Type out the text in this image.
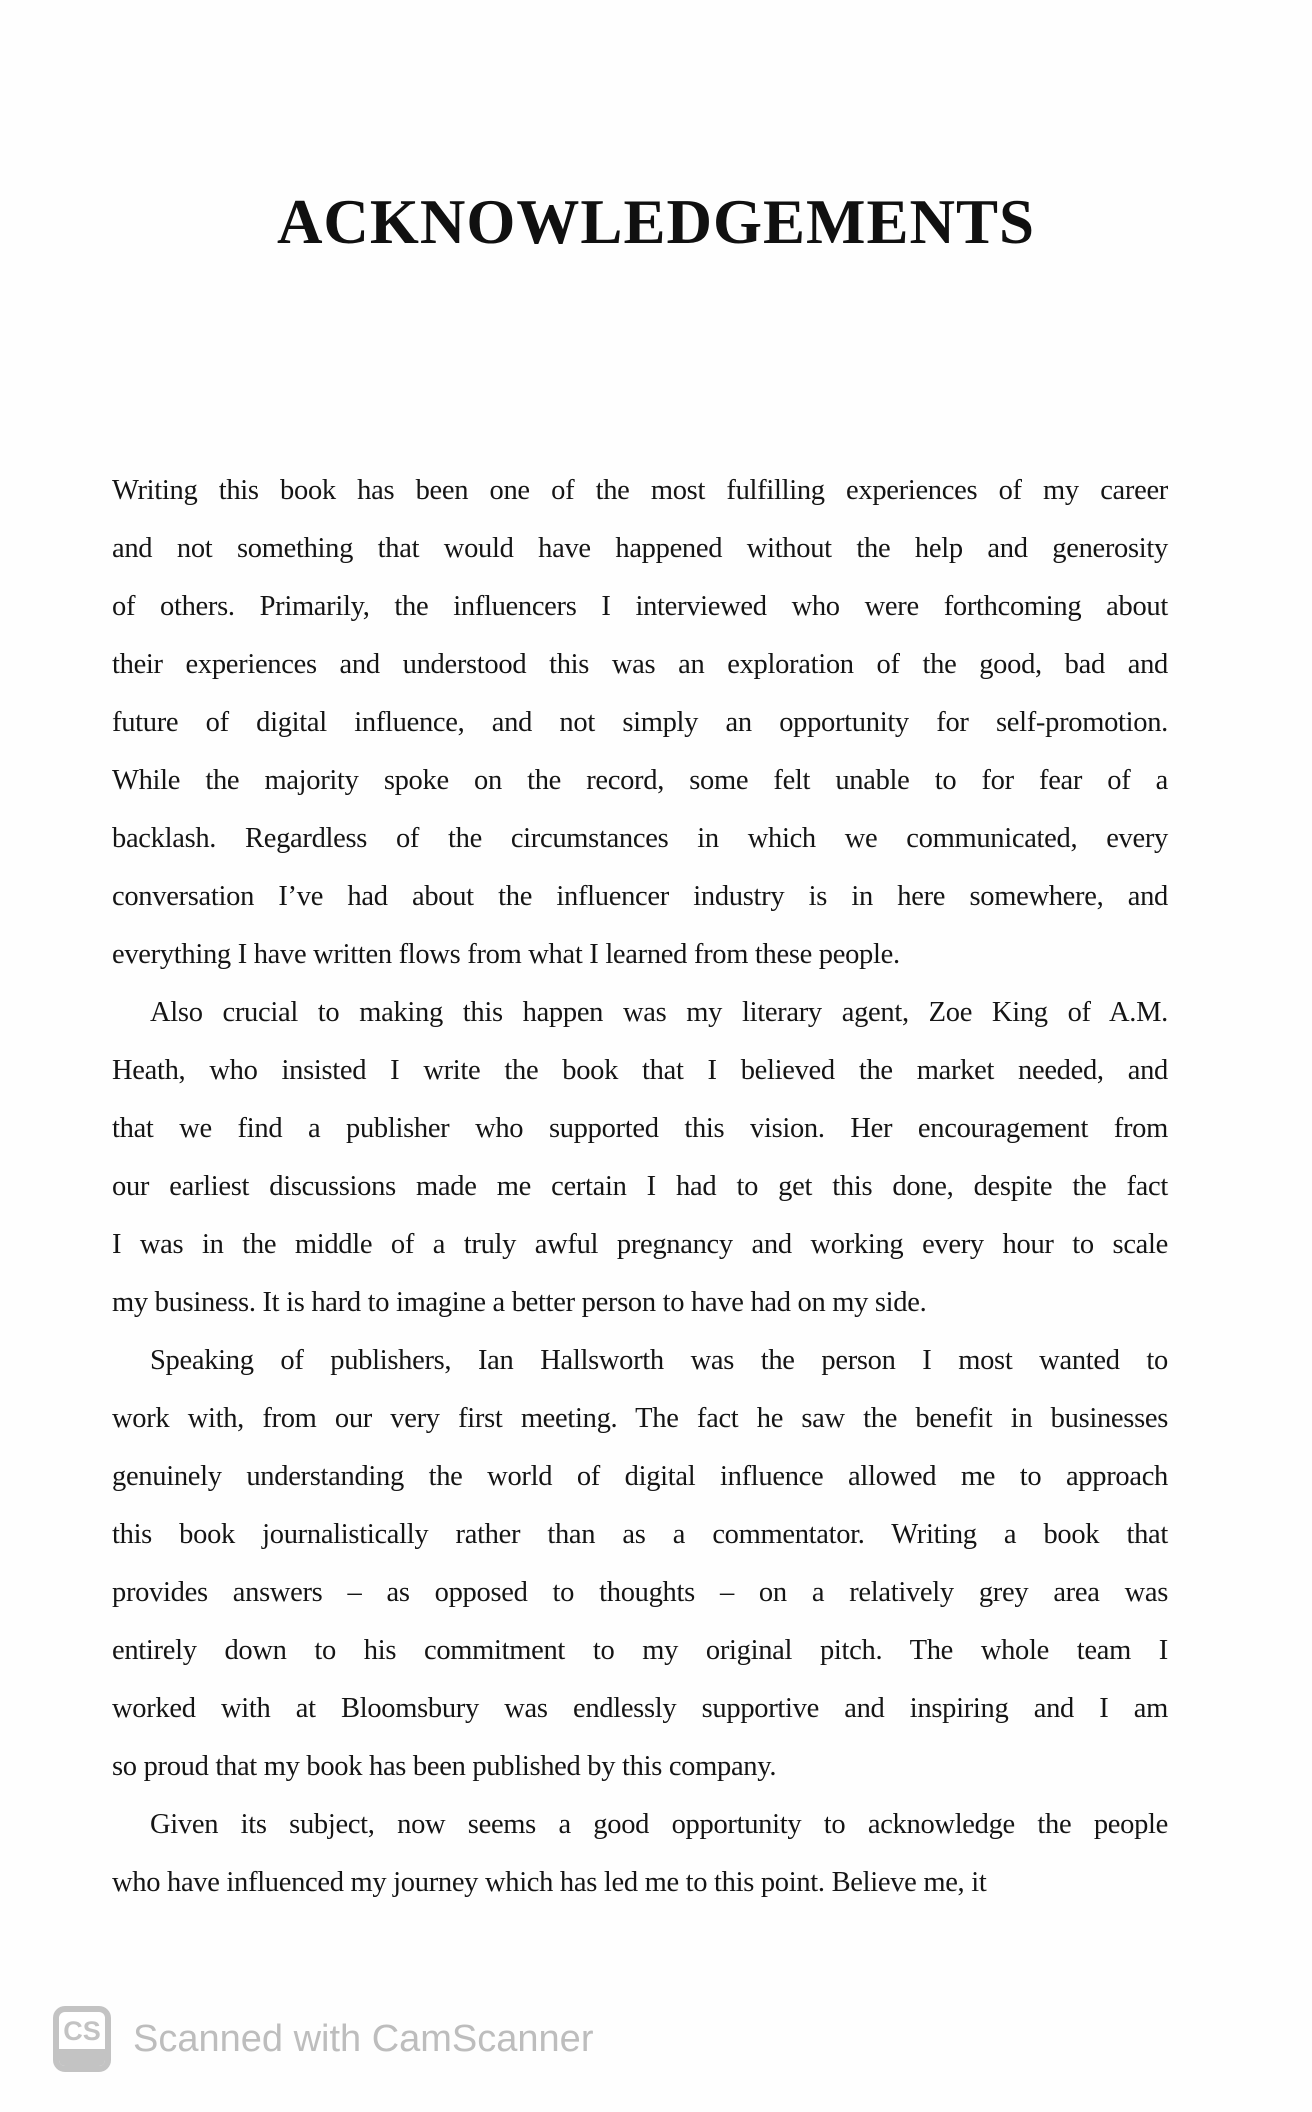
ACKNOWLEDGEMENTS
Writing this book has been one of the most fulfilling experiences of my career
and not something that would have happened without the help and generosity
of others. Primarily, the influencers I interviewed who were forthcoming about
their experiences and understood this was an exploration of the good, bad and
future of digital influence, and not simply an opportunity for self-promotion.
While the majority spoke on the record, some felt unable to for fear of a
backlash. Regardless of the circumstances in which we communicated, every
conversation I’ve had about the influencer industry is in here somewhere, and
everything I have written flows from what I learned from these people.
Also crucial to making this happen was my literary agent, Zoe King of A.M.
Heath, who insisted I write the book that I believed the market needed, and
that we find a publisher who supported this vision. Her encouragement from
our earliest discussions made me certain I had to get this done, despite the fact
I was in the middle of a truly awful pregnancy and working every hour to scale
my business. It is hard to imagine a better person to have had on my side.
Speaking of publishers, Ian Hallsworth was the person I most wanted to
work with, from our very first meeting. The fact he saw the benefit in businesses
genuinely understanding the world of digital influence allowed me to approach
this book journalistically rather than as a commentator. Writing a book that
provides answers – as opposed to thoughts – on a relatively grey area was
entirely down to his commitment to my original pitch. The whole team I
worked with at Bloomsbury was endlessly supportive and inspiring and I am
so proud that my book has been published by this company.
Given its subject, now seems a good opportunity to acknowledge the people
who have influenced my journey which has led me to this point. Believe me, it
CS Scanned with CamScanner
